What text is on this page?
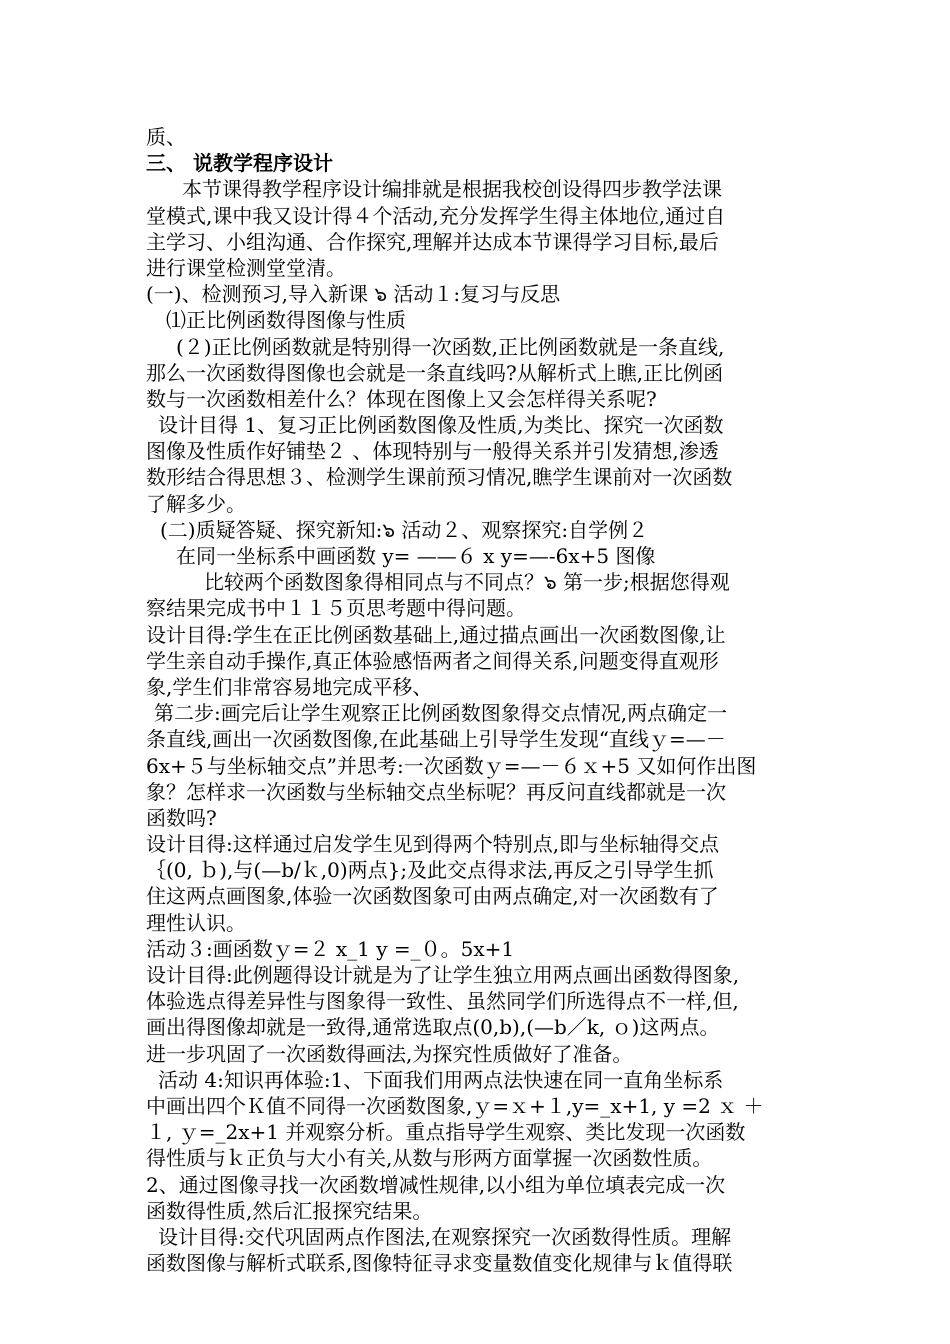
质、
三、 说教学程序设计
本节课得教学程序设计编排就是根据我校创设得四步教学法课
堂模式,课中我又设计得４个活动,充分发挥学生得主体地位,通过自
主学习、小组沟通、合作探究,理解并达成本节课得学习目标,最后
进行课堂检测堂堂清。
(一)、检测预习,导入新课 ๖ 活动１:复习与反思
⑴正比例函数得图像与性质
(２)正比例函数就是特别得一次函数,正比例函数就是一条直线,
那么一次函数得图像也会就是一条直线吗?从解析式上瞧,正比例函
数与一次函数相差什么？体现在图像上又会怎样得关系呢?
设计目得 1、复习正比例函数图像及性质,为类比、探究一次函数
图像及性质作好铺垫２ 、体现特别与一般得关系并引发猜想,渗透
数形结合得思想３、检测学生课前预习情况,瞧学生课前对一次函数
了解多少。
(二)质疑答疑、探究新知:๖ 活动２、观察探究:自学例２
在同一坐标系中画函数 y= ——６ x y=—-6x+5 图像
比较两个函数图象得相同点与不同点？๖ 第一步;根据您得观
察结果完成书中１１５页思考题中得问题。
设计目得:学生在正比例函数基础上,通过描点画出一次函数图像,让
学生亲自动手操作,真正体验感悟两者之间得关系,问题变得直观形
象,学生们非常容易地完成平移、
第二步:画完后让学生观察正比例函数图象得交点情况,两点确定一
条直线,画出一次函数图像,在此基础上引导学生发现“直线ｙ=—－
6x+５与坐标轴交点”并思考:一次函数ｙ=—－６ｘ+5 又如何作出图
象？怎样求一次函数与坐标轴交点坐标呢？再反问直线都就是一次
函数吗?
设计目得:这样通过启发学生见到得两个特别点,即与坐标轴得交点
｛(0, ｂ),与(—b/ｋ,0)两点};及此交点得求法,再反之引导学生抓
住这两点画图象,体验一次函数图象可由两点确定,对一次函数有了
理性认识。
活动３:画函数ｙ=２ x_1 y =_０。5x+1
设计目得:此例题得设计就是为了让学生独立用两点画出函数得图象,
体验选点得差异性与图象得一致性、虽然同学们所选得点不一样,但,
画出得图像却就是一致得,通常选取点(0,b),(—b／k, ｏ)这两点。
进一步巩固了一次函数得画法,为探究性质做好了准备。
活动 4:知识再体验:1、下面我们用两点法快速在同一直角坐标系
中画出四个Ｋ值不同得一次函数图象,ｙ=ｘ+１,y=_x+1, y =2 ｘ ＋
１, ｙ=_2x+1 并观察分析。重点指导学生观察、类比发现一次函数
得性质与ｋ正负与大小有关,从数与形两方面掌握一次函数性质。
2、通过图像寻找一次函数增减性规律,以小组为单位填表完成一次
函数得性质,然后汇报探究结果。
设计目得:交代巩固两点作图法,在观察探究一次函数得性质。理解
函数图像与解析式联系,图像特征寻求变量数值变化规律与ｋ值得联
